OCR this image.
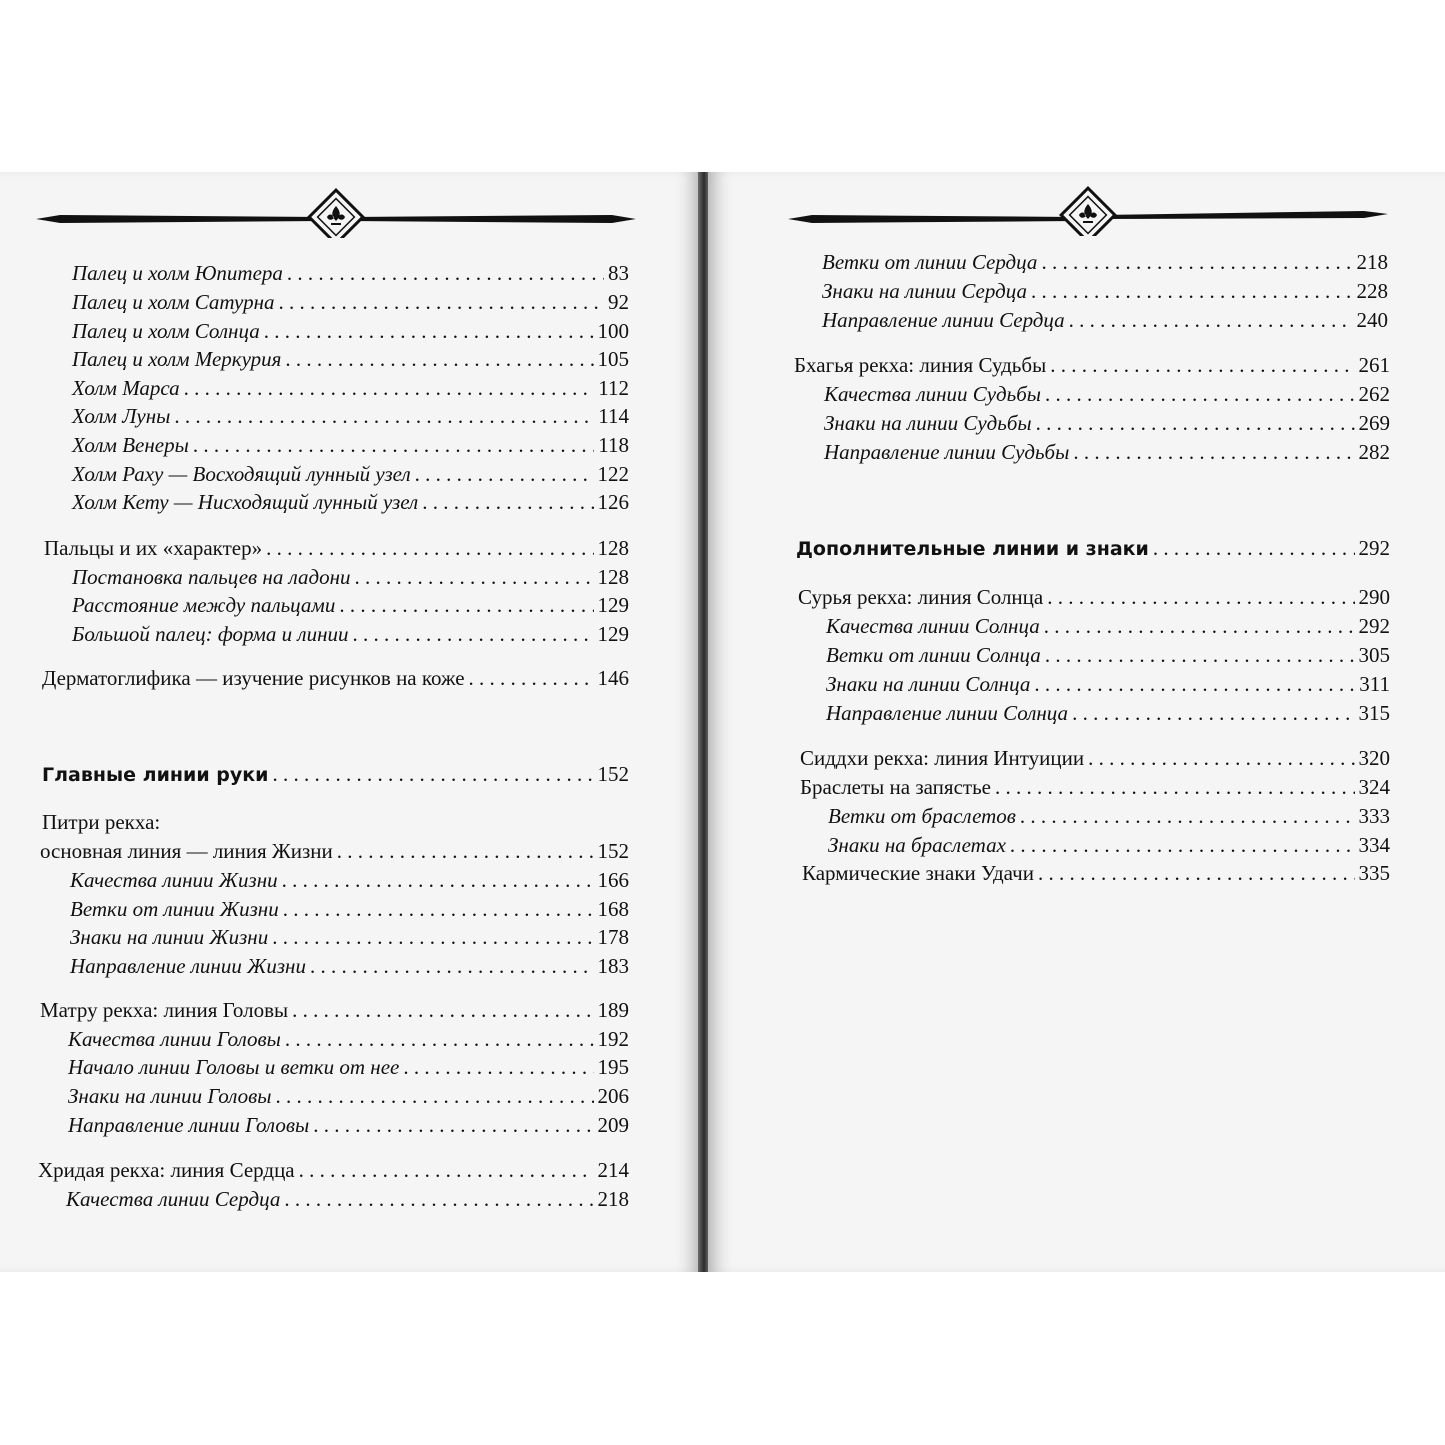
Палец и холм Юпитера . . .	83
Палец и холм Сатурна . . .	92
Палец и холм Солнца . . .	100
Палец и холм Меркурия . . .	105
Холм Марса . . .	112
Холм Луны . . .	114
Холм Венеры . . .	118
Холм Раху — Восходящий лунный узел . . .	122
Холм Кету — Нисходящий лунный узел . . .	126
Пальцы и их «характер» . . .	128
Постановка пальцев на ладони . . .	128
Расстояние между пальцами . . .	129
Большой палец: форма и линии . . .	129
Дерматоглифика — изучение рисунков на коже . . .	146
Главные линии руки . . .	152
Питри рекха:
основная линия — линия Жизни . . .	152
Качества линии Жизни . . .	166
Ветки от линии Жизни . . .	168
Знаки на линии Жизни . . .	178
Направление линии Жизни . . .	183
Матру рекха: линия Головы . . .	189
Качества линии Головы . . .	192
Начало линии Головы и ветки от нее . . .	195
Знаки на линии Головы . . .	206
Направление линии Головы . . .	209
Хридая рекха: линия Сердца . . .	214
Качества линии Сердца . . .	218
Ветки от линии Сердца . . .	218
Знаки на линии Сердца . . .	228
Направление линии Сердца . . .	240
Бхагья рекха: линия Судьбы . . .	261
Качества линии Судьбы . . .	262
Знаки на линии Судьбы . . .	269
Направление линии Судьбы . . .	282
Дополнительные линии и знаки . . .	292
Сурья рекха: линия Солнца . . .	290
Качества линии Солнца . . .	292
Ветки от линии Солнца . . .	305
Знаки на линии Солнца . . .	311
Направление линии Солнца . . .	315
Сиддхи рекха: линия Интуиции . . .	320
Браслеты на запястье . . .	324
Ветки от браслетов . . .	333
Знаки на браслетах . . .	334
Кармические знаки Удачи . . .	335
